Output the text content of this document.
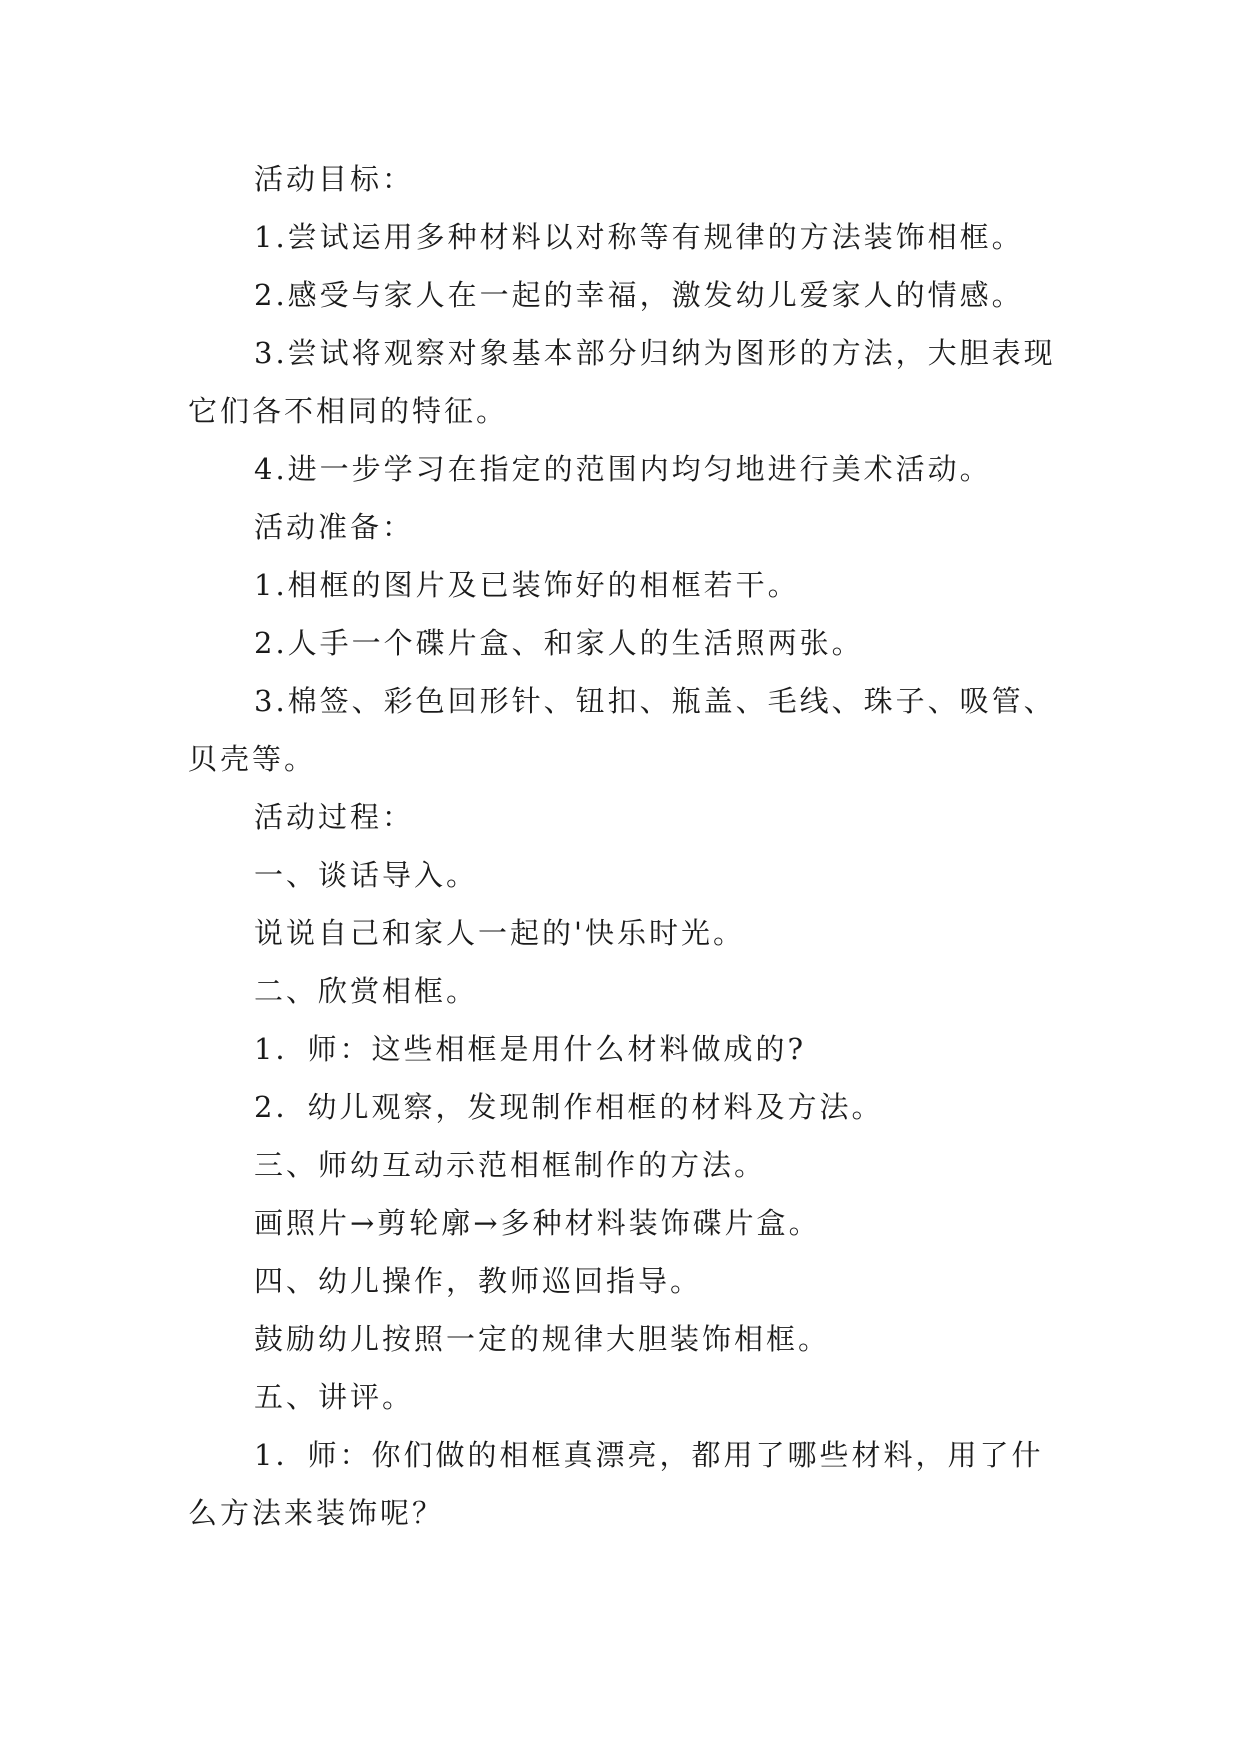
活动目标：

1.尝试运用多种材料以对称等有规律的方法装饰相框。

2.感受与家人在一起的幸福，激发幼儿爱家人的情感。

3.尝试将观察对象基本部分归纳为图形的方法，大胆表现它们各不相同的特征。

4.进一步学习在指定的范围内均匀地进行美术活动。

活动准备：

1.相框的图片及已装饰好的相框若干。

2.人手一个碟片盒、和家人的生活照两张。

3.棉签、彩色回形针、钮扣、瓶盖、毛线、珠子、吸管、贝壳等。

活动过程：

一、谈话导入。

说说自己和家人一起的'快乐时光。

二、欣赏相框。

1．师：这些相框是用什么材料做成的?

2．幼儿观察，发现制作相框的材料及方法。

三、师幼互动示范相框制作的方法。

画照片→剪轮廓→多种材料装饰碟片盒。

四、幼儿操作，教师巡回指导。

鼓励幼儿按照一定的规律大胆装饰相框。

五、讲评。

1．师：你们做的相框真漂亮，都用了哪些材料，用了什么方法来装饰呢？
